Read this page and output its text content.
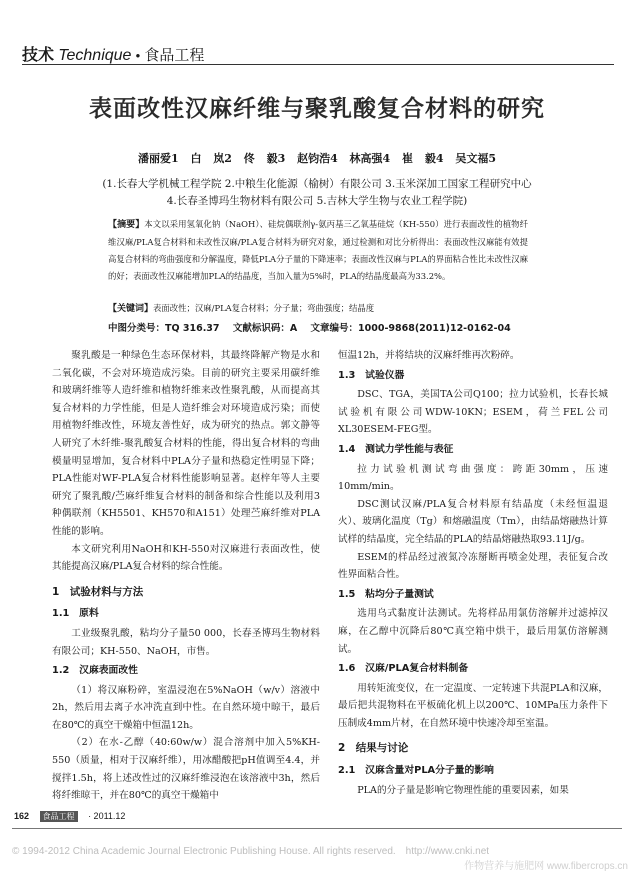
技术 Technique • 食品工程
表面改性汉麻纤维与聚乳酸复合材料的研究
潘丽爱1 白 岚2 佟 毅3 赵钧浩4 林高强4 崔 毅4 吴文福5
(1.长春大学机械工程学院 2.中粮生化能源（榆树）有限公司 3.玉米深加工国家工程研究中心
4.长春圣博玛生物材料有限公司 5.吉林大学生物与农业工程学院)
【摘要】本文以采用氢氧化钠（NaOH）、硅烷偶联剂γ-氨丙基三乙氧基硅烷（KH-550）进行表面改性的植物纤维汉麻/PLA复合材料和未改性汉麻/PLA复合材料为研究对象，通过检测和对比分析得出：表面改性汉麻能有效提高复合材料的弯曲强度和分解温度，降低PLA分子量的下降速率；表面改性汉麻与PLA的界面粘合性比未改性汉麻的好；表面改性汉麻能增加PLA的结晶度，当加入量为5%时，PLA的结晶度最高为33.2%。
【关键词】表面改性；汉麻/PLA复合材料；分子量；弯曲强度；结晶度
中图分类号：TQ 316.37 文献标识码：A 文章编号：1000-9868(2011)12-0162-04

聚乳酸是一种绿色生态环保材料，其最终降解产物是水和二氧化碳，不会对环境造成污染。目前的研究主要采用碳纤维和玻璃纤维等人造纤维和植物纤维来改性聚乳酸，从而提高其复合材料的力学性能，但是人造纤维会对环境造成污染；而使用植物纤维改性，环境友善性好，成为研究的热点。郭文静等人研究了木纤维-聚乳酸复合材料的性能，得出复合材料的弯曲模量明显增加，复合材料中PLA分子量和热稳定性明显下降；PLA性能对WF-PLA复合材料性能影响显著。赵梓年等人主要研究了聚乳酸/苎麻纤维复合材料的制备和综合性能以及利用3种偶联剂（KH5501、KH570和A151）处理苎麻纤维对PLA性能的影响。

本文研究利用NaOH和KH-550对汉麻进行表面改性，使其能提高汉麻/PLA复合材料的综合性能。

1　试验材料与方法
1.1　原料

工业级聚乳酸，粘均分子量50 000，长春圣博玛生物材料有限公司；KH-550、NaOH，市售。

1.2　汉麻表面改性

（1）将汉麻粉碎，室温浸泡在5%NaOH（w/v）溶液中2h，然后用去离子水冲洗直到中性。在自然环境中晾干，最后在80℃的真空干燥箱中恒温12h。

（2）在水-乙醇（40:60w/w）混合溶剂中加入5%KH-550（质量，相对于汉麻纤维），用冰醋酸把pH值调至4.4，并搅拌1.5h，将上述改性过的汉麻纤维浸泡在该溶液中3h，然后将纤维晾干，并在80℃的真空干燥箱中

恒温12h，并将结块的汉麻纤维再次粉碎。

1.3　试验仪器

DSC、TGA，美国TA公司Q100；拉力试验机，长春长城试验机有限公司WDW-10KN；ESEM，荷兰FEL公司XL30ESEM-FEG型。

1.4　测试力学性能与表征

拉力试验机测试弯曲强度：跨距30mm，压速10mm/min。

DSC测试汉麻/PLA复合材料原有结晶度（未经恒温退火）、玻璃化温度（Tg）和熔融温度（Tm），由结晶熔融热计算试样的结晶度，完全结晶的PLA的结晶熔融热取93.11J/g。

ESEM的样品经过液氮冷冻掰断再喷金处理，表征复合改性界面粘合性。

1.5　粘均分子量测试

选用乌式黏度计法测试。先将样品用氯仿溶解并过滤掉汉麻，在乙醇中沉降后80℃真空箱中烘干，最后用氯仿溶解测试。

1.6　汉麻/PLA复合材料制备

用转矩流变仪，在一定温度、一定转速下共混PLA和汉麻，最后把共混物料在平板硫化机上以200℃、10MPa压力条件下压制成4mm片材，在自然环境中快速冷却至室温。

2　结果与讨论
2.1　汉麻含量对PLA分子量的影响

PLA的分子量是影响它物理性能的重要因素，如果

162 食品工程 · 2011.12
© 1994-2012 China Academic Journal Electronic Publishing House. All rights reserved.　http://www.cnki.net
作物营养与施肥网 www.fibercrops.cn
